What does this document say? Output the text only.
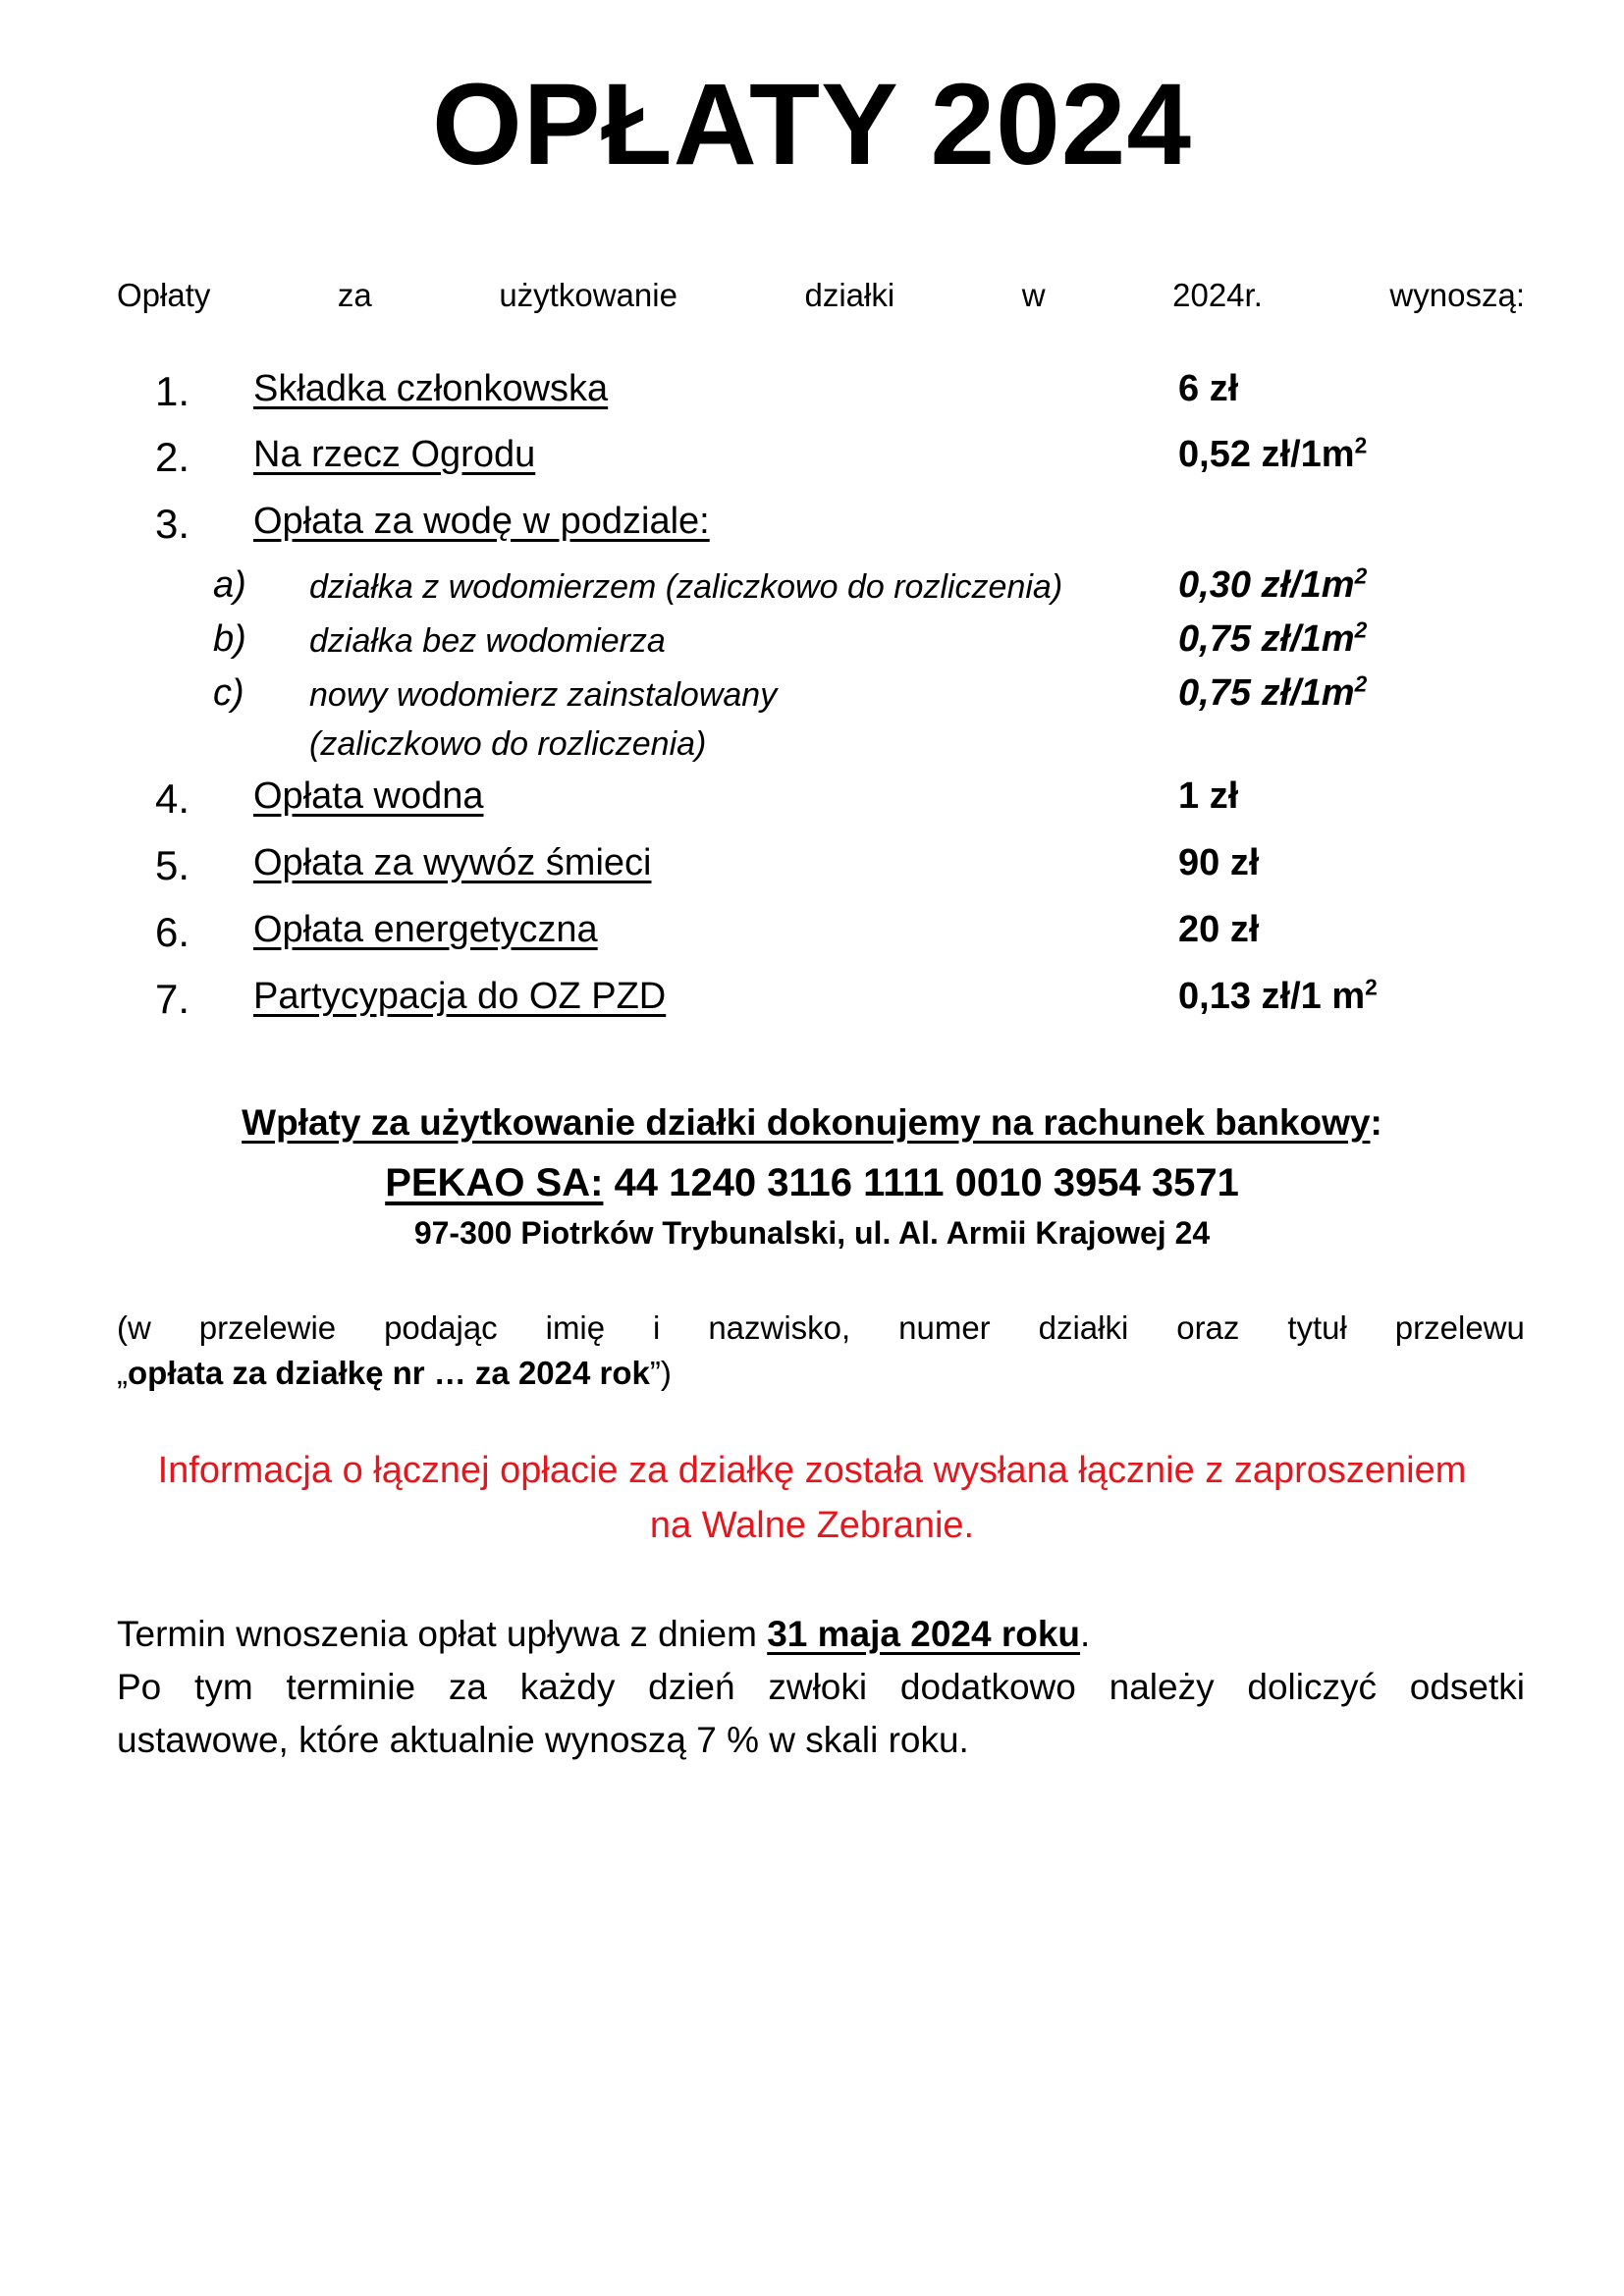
OPŁATY 2024
Opłaty	za	użytkowanie	działki	w	2024r.	wynoszą:
1. Składka członkowska	6 zł
2. Na rzecz Ogrodu	0,52 $zł/1m^2$
3. Opłata za wodę w podziale:
a) działka z wodomierzem (zaliczkowo do rozliczenia)	0,30 $zł/1m^2$
b) działka bez wodomierza	0,75 $zł/1m^2$
c) nowy wodomierz zainstalowany	0,75 $zł/1m^2$
(zaliczkowo do rozliczenia)
4. Opłata wodna	1 zł
5. Opłata za wywóz śmieci	90 zł
6. Opłata energetyczna	20 zł
7. Partycypacja do OZ PZD	0,13 zł/1 $m^2$
Wpłaty za użytkowanie działki dokonujemy na rachunek bankowy:
PEKAO SA: 44 1240 3116 1111 0010 3954 3571
97-300 Piotrków Trybunalski, ul. Al. Armii Krajowej 24
(w przelewie podając imię i nazwisko, numer działki oraz tytuł przelewu
„opłata za działkę nr … za 2024 rok”)
Informacja o łącznej opłacie za działkę została wysłana łącznie z zaproszeniem
na Walne Zebranie.
Termin wnoszenia opłat upływa z dniem 31 maja 2024 roku.
Po tym terminie za każdy dzień zwłoki dodatkowo należy doliczyć odsetki
ustawowe, które aktualnie wynoszą 7 % w skali roku.
